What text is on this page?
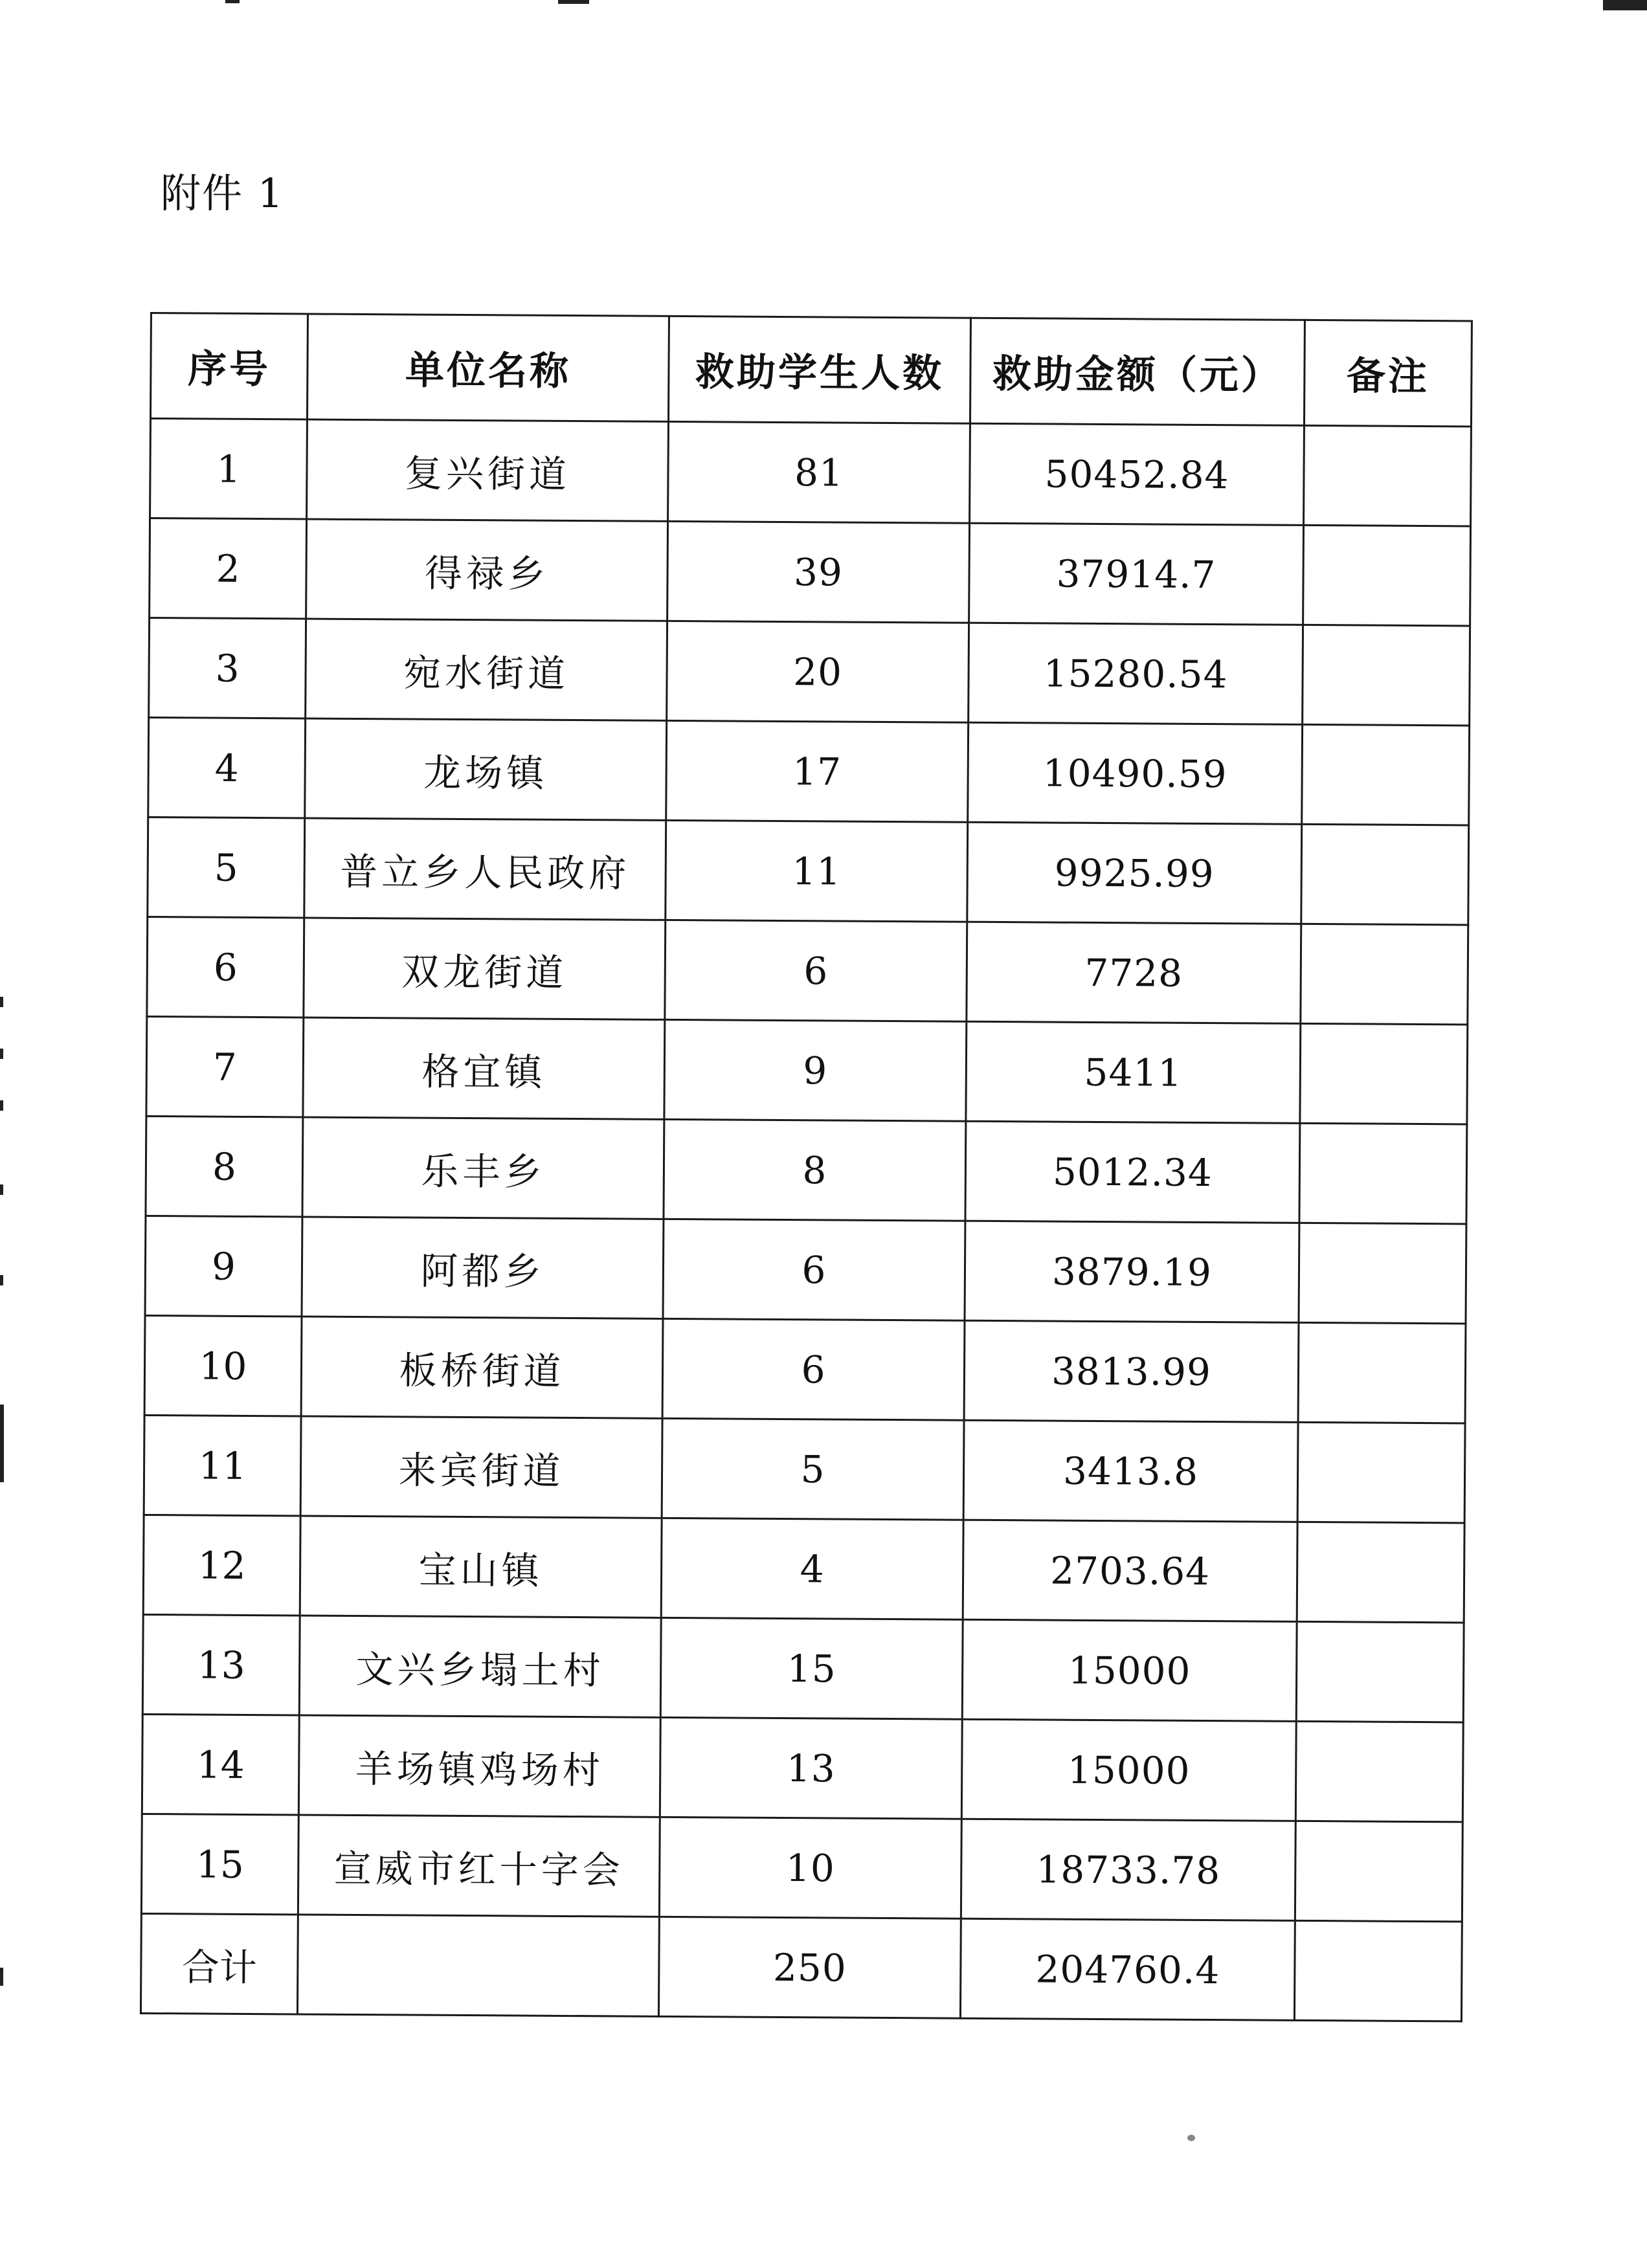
附件 1
序号	单位名称	救助学生人数	救助金额（元）	备注
1	复兴街道	81	50452.84	
2	得禄乡	39	37914.7	
3	宛水街道	20	15280.54	
4	龙场镇	17	10490.59	
5	普立乡人民政府	11	9925.99	
6	双龙街道	6	7728	
7	格宜镇	9	5411	
8	乐丰乡	8	5012.34	
9	阿都乡	6	3879.19	
10	板桥街道	6	3813.99	
11	来宾街道	5	3413.8	
12	宝山镇	4	2703.64	
13	文兴乡塌土村	15	15000	
14	羊场镇鸡场村	13	15000	
15	宣威市红十字会	10	18733.78	
合计		250	204760.4	
